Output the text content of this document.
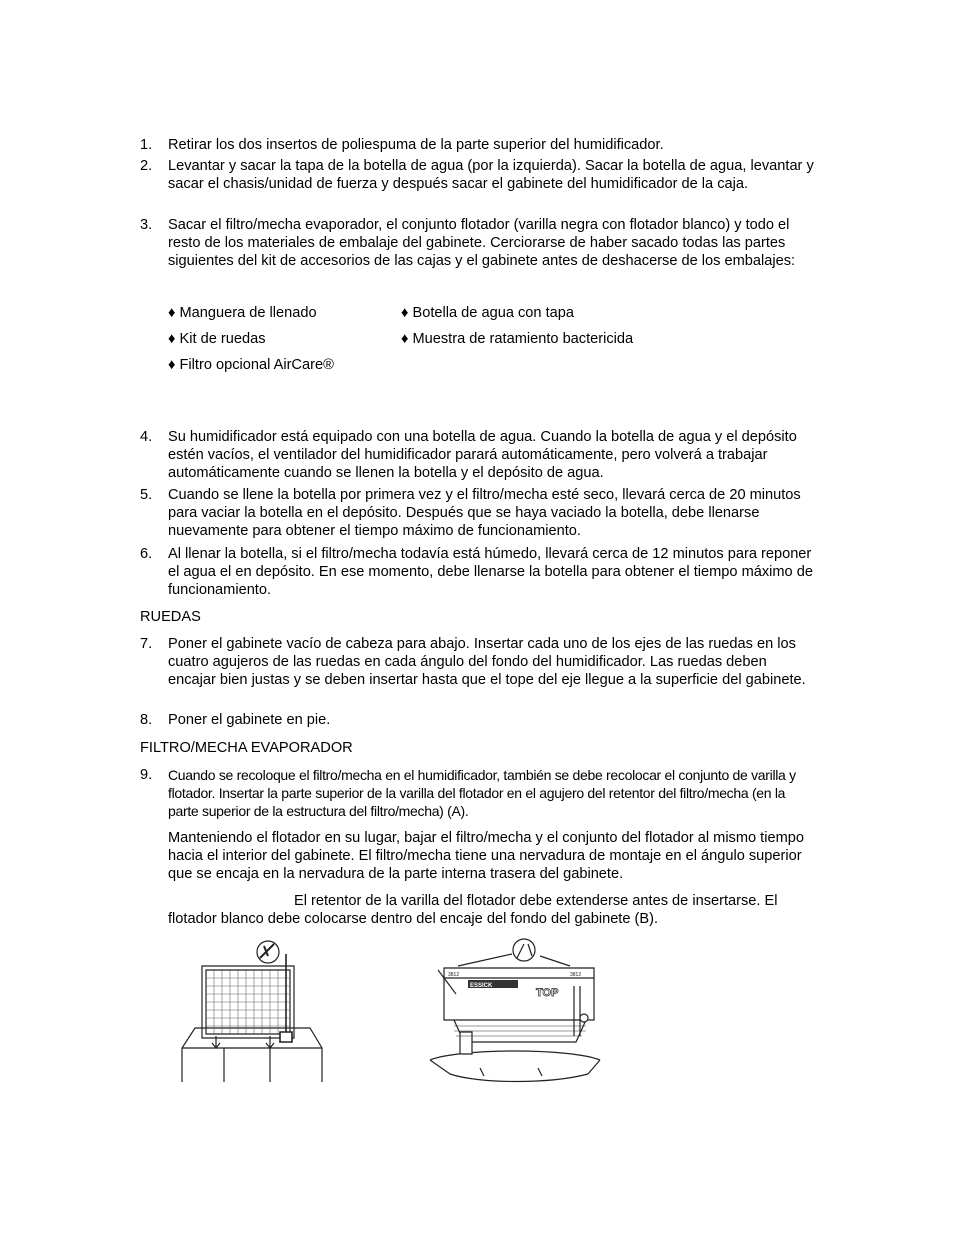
1. Retirar los dos insertos de poliespuma de la parte superior del humidificador.
2. Levantar y sacar la tapa de la botella de agua (por la izquierda). Sacar la botella de agua, levantar y sacar el chasis/unidad de fuerza y después sacar el gabinete del humidificador de la caja.
3. Sacar el filtro/mecha evaporador, el conjunto flotador (varilla negra con flotador blanco) y todo el resto de los materiales de embalaje del gabinete. Cerciorarse de haber sacado todas las partes siguientes del kit de accesorios de las cajas y el gabinete antes de deshacerse de los embalajes:
♦ Manguera de llenado
♦ Kit de ruedas
♦ Filtro opcional AirCare®
♦ Botella de agua con tapa
♦ Muestra de ratamiento bactericida
4. Su humidificador está equipado con una botella de agua. Cuando la botella de agua y el depósito estén vacíos, el ventilador del humidificador parará automáticamente, pero volverá a trabajar automáticamente cuando se llenen la botella y el depósito de agua.
5. Cuando se llene la botella por primera vez y el filtro/mecha esté seco, llevará cerca de 20 minutos para vaciar la botella en el depósito. Después que se haya vaciado la botella, debe llenarse nuevamente para obtener el tiempo máximo de funcionamiento.
6. Al llenar la botella, si el filtro/mecha todavía está húmedo, llevará cerca de 12 minutos para reponer el agua el en depósito. En ese momento, debe llenarse la botella para obtener el tiempo máximo de funcionamiento.
RUEDAS
7. Poner el gabinete vacío de cabeza para abajo. Insertar cada uno de los ejes de las ruedas en los cuatro agujeros de las ruedas en cada ángulo del fondo del humidificador. Las ruedas deben encajar bien justas y se deben insertar hasta que el tope del eje llegue a la superficie del gabinete.
8. Poner el gabinete en pie.
FILTRO/MECHA EVAPORADOR
9. Cuando se recoloque el filtro/mecha en el humidificador, también se debe recolocar el conjunto de varilla y flotador. Insertar la parte superior de la varilla del flotador en el agujero del retentor del filtro/mecha (en la parte superior de la estructura del filtro/mecha) (A).
Manteniendo el flotador en su lugar, bajar el filtro/mecha y el conjunto del flotador al mismo tiempo hacia el interior del gabinete. El filtro/mecha tiene una nervadura de montaje en el ángulo superior que se encaja en la nervadura de la parte interna trasera del gabinete.
El retentor de la varilla del flotador debe extenderse antes de insertarse. El
flotador blanco debe colocarse dentro del encaje del fondo del gabinete (B).
ESSICK
TOP
3812	3812
